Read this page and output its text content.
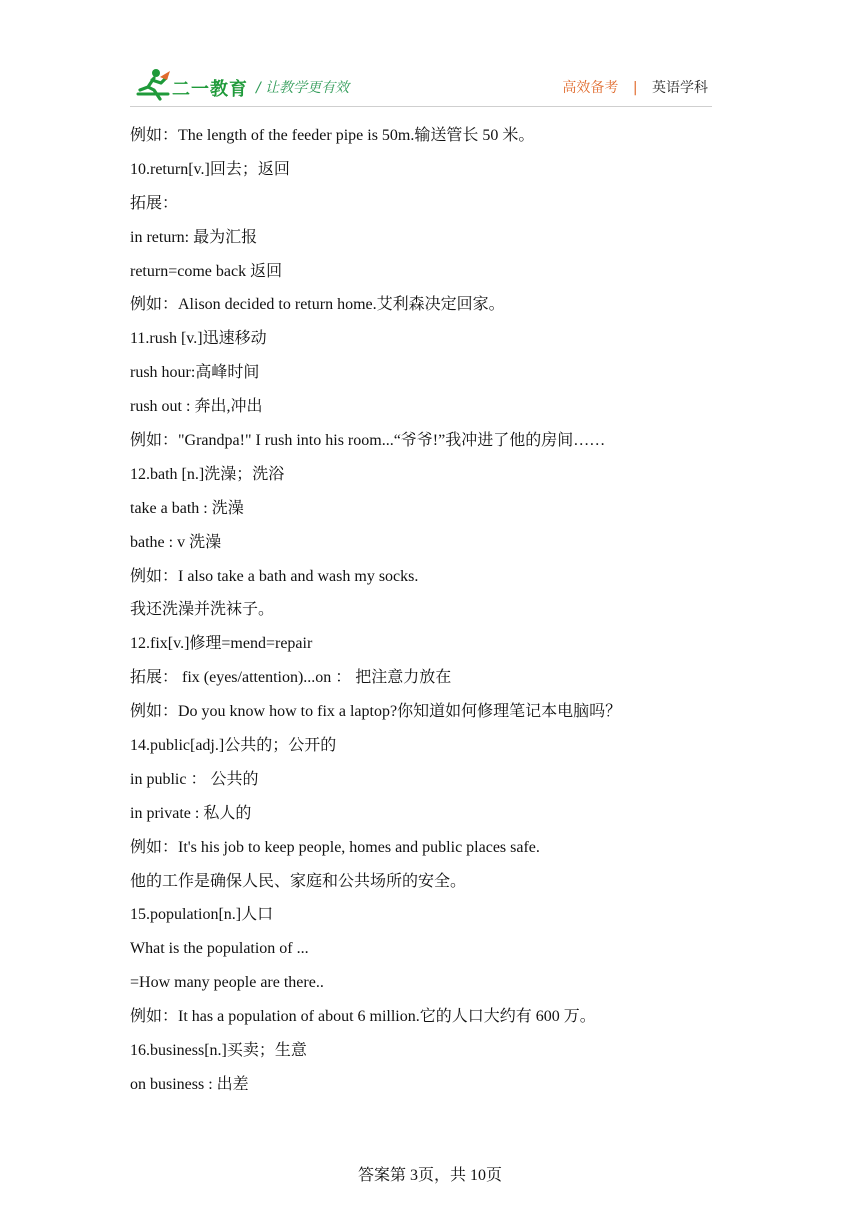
二一教育 / 让教学更有效	高效备考 | 英语学科
例如：The length of the feeder pipe is 50m.输送管长 50 米。
10.return[v.]回去；返回
拓展：
in return: 最为汇报
return=come back 返回
例如：Alison decided to return home.艾利森决定回家。
11.rush [v.]迅速移动
rush hour:高峰时间
rush out : 奔出,冲出
例如："Grandpa!" I rush into his room...“爷爷!”我冲进了他的房间……
12.bath [n.]洗澡；洗浴
take a bath : 洗澡
bathe : v 洗澡
例如：I also take a bath and wash my socks.
我还洗澡并洗袜子。
12.fix[v.]修理=mend=repair
拓展： fix (eyes/attention)...on ： 把注意力放在
例如：Do you know how to fix a laptop?你知道如何修理笔记本电脑吗？
14.public[adj.]公共的；公开的
in public ： 公共的
in private : 私人的
例如：It's his job to keep people, homes and public places safe.
他的工作是确保人民、家庭和公共场所的安全。
15.population[n.]人口
What is the population of ...
=How many people are there..
例如：It has a population of about 6 million.它的人口大约有 600 万。
16.business[n.]买卖；生意
on business : 出差
答案第 3页，共 10页
